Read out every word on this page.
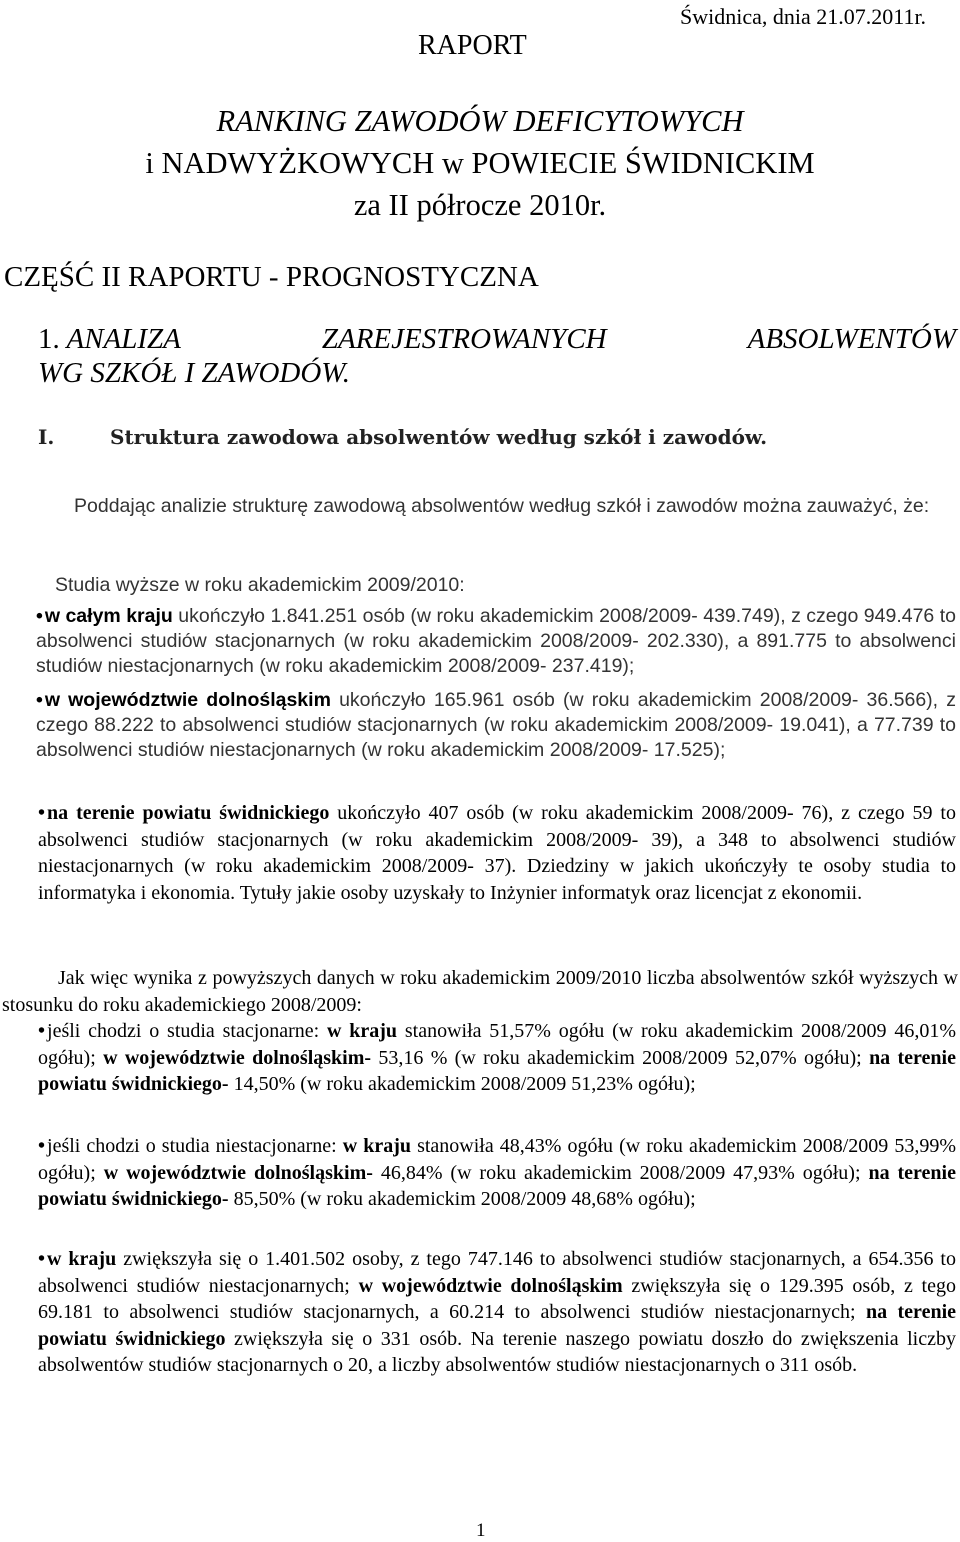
Świdnica, dnia 21.07.2011r.
RAPORT
RANKING ZAWODÓW DEFICYTOWYCH
i NADWYŻKOWYCH w POWIECIE ŚWIDNICKIM
za II półrocze 2010r.
CZĘŚĆ II RAPORTU - PROGNOSTYCZNA
1. ANALIZA	ZAREJESTROWANYCH	ABSOLWENTÓW
WG SZKÓŁ I ZAWODÓW.
I.	Struktura zawodowa absolwentów według szkół i zawodów.
Poddając analizie strukturę zawodową absolwentów według szkół i zawodów można zauważyć, że:
Studia wyższe w roku akademickim 2009/2010:
• w całym kraju ukończyło 1.841.251 osób (w roku akademickim 2008/2009- 439.749), z czego 949.476 to absolwenci studiów stacjonarnych (w roku akademickim 2008/2009- 202.330), a 891.775 to absolwenci studiów niestacjonarnych (w roku akademickim 2008/2009- 237.419);
• w województwie dolnośląskim ukończyło 165.961 osób (w roku akademickim 2008/2009- 36.566), z czego 88.222 to absolwenci studiów stacjonarnych (w roku akademickim 2008/2009- 19.041), a 77.739 to absolwenci studiów niestacjonarnych (w roku akademickim 2008/2009- 17.525);
• na terenie powiatu świdnickiego ukończyło 407 osób (w roku akademickim 2008/2009- 76), z czego 59 to absolwenci studiów stacjonarnych (w roku akademickim 2008/2009- 39), a 348 to absolwenci studiów niestacjonarnych (w roku akademickim 2008/2009- 37). Dziedziny w jakich ukończyły te osoby studia to informatyka i ekonomia. Tytuły jakie osoby uzyskały to Inżynier informatyk oraz licencjat z ekonomii.
Jak więc wynika z powyższych danych w roku akademickim 2009/2010 liczba absolwentów szkół wyższych w stosunku do roku akademickiego 2008/2009:
• jeśli chodzi o studia stacjonarne: w kraju stanowiła 51,57% ogółu (w roku akademickim 2008/2009 46,01% ogółu); w województwie dolnośląskim- 53,16 % (w roku akademickim 2008/2009 52,07% ogółu); na terenie powiatu świdnickiego- 14,50% (w roku akademickim 2008/2009 51,23% ogółu);
• jeśli chodzi o studia niestacjonarne: w kraju stanowiła 48,43% ogółu (w roku akademickim 2008/2009 53,99% ogółu); w województwie dolnośląskim- 46,84% (w roku akademickim 2008/2009 47,93% ogółu); na terenie powiatu świdnickiego- 85,50% (w roku akademickim 2008/2009 48,68% ogółu);
• w kraju zwiększyła się o 1.401.502 osoby, z tego 747.146 to absolwenci studiów stacjonarnych, a 654.356 to absolwenci studiów niestacjonarnych; w województwie dolnośląskim zwiększyła się o 129.395 osób, z tego 69.181 to absolwenci studiów stacjonarnych, a 60.214 to absolwenci studiów niestacjonarnych; na terenie powiatu świdnickiego zwiększyła się o 331 osób. Na terenie naszego powiatu doszło do zwiększenia liczby absolwentów studiów stacjonarnych o 20, a liczby absolwentów studiów niestacjonarnych o 311 osób.
1
